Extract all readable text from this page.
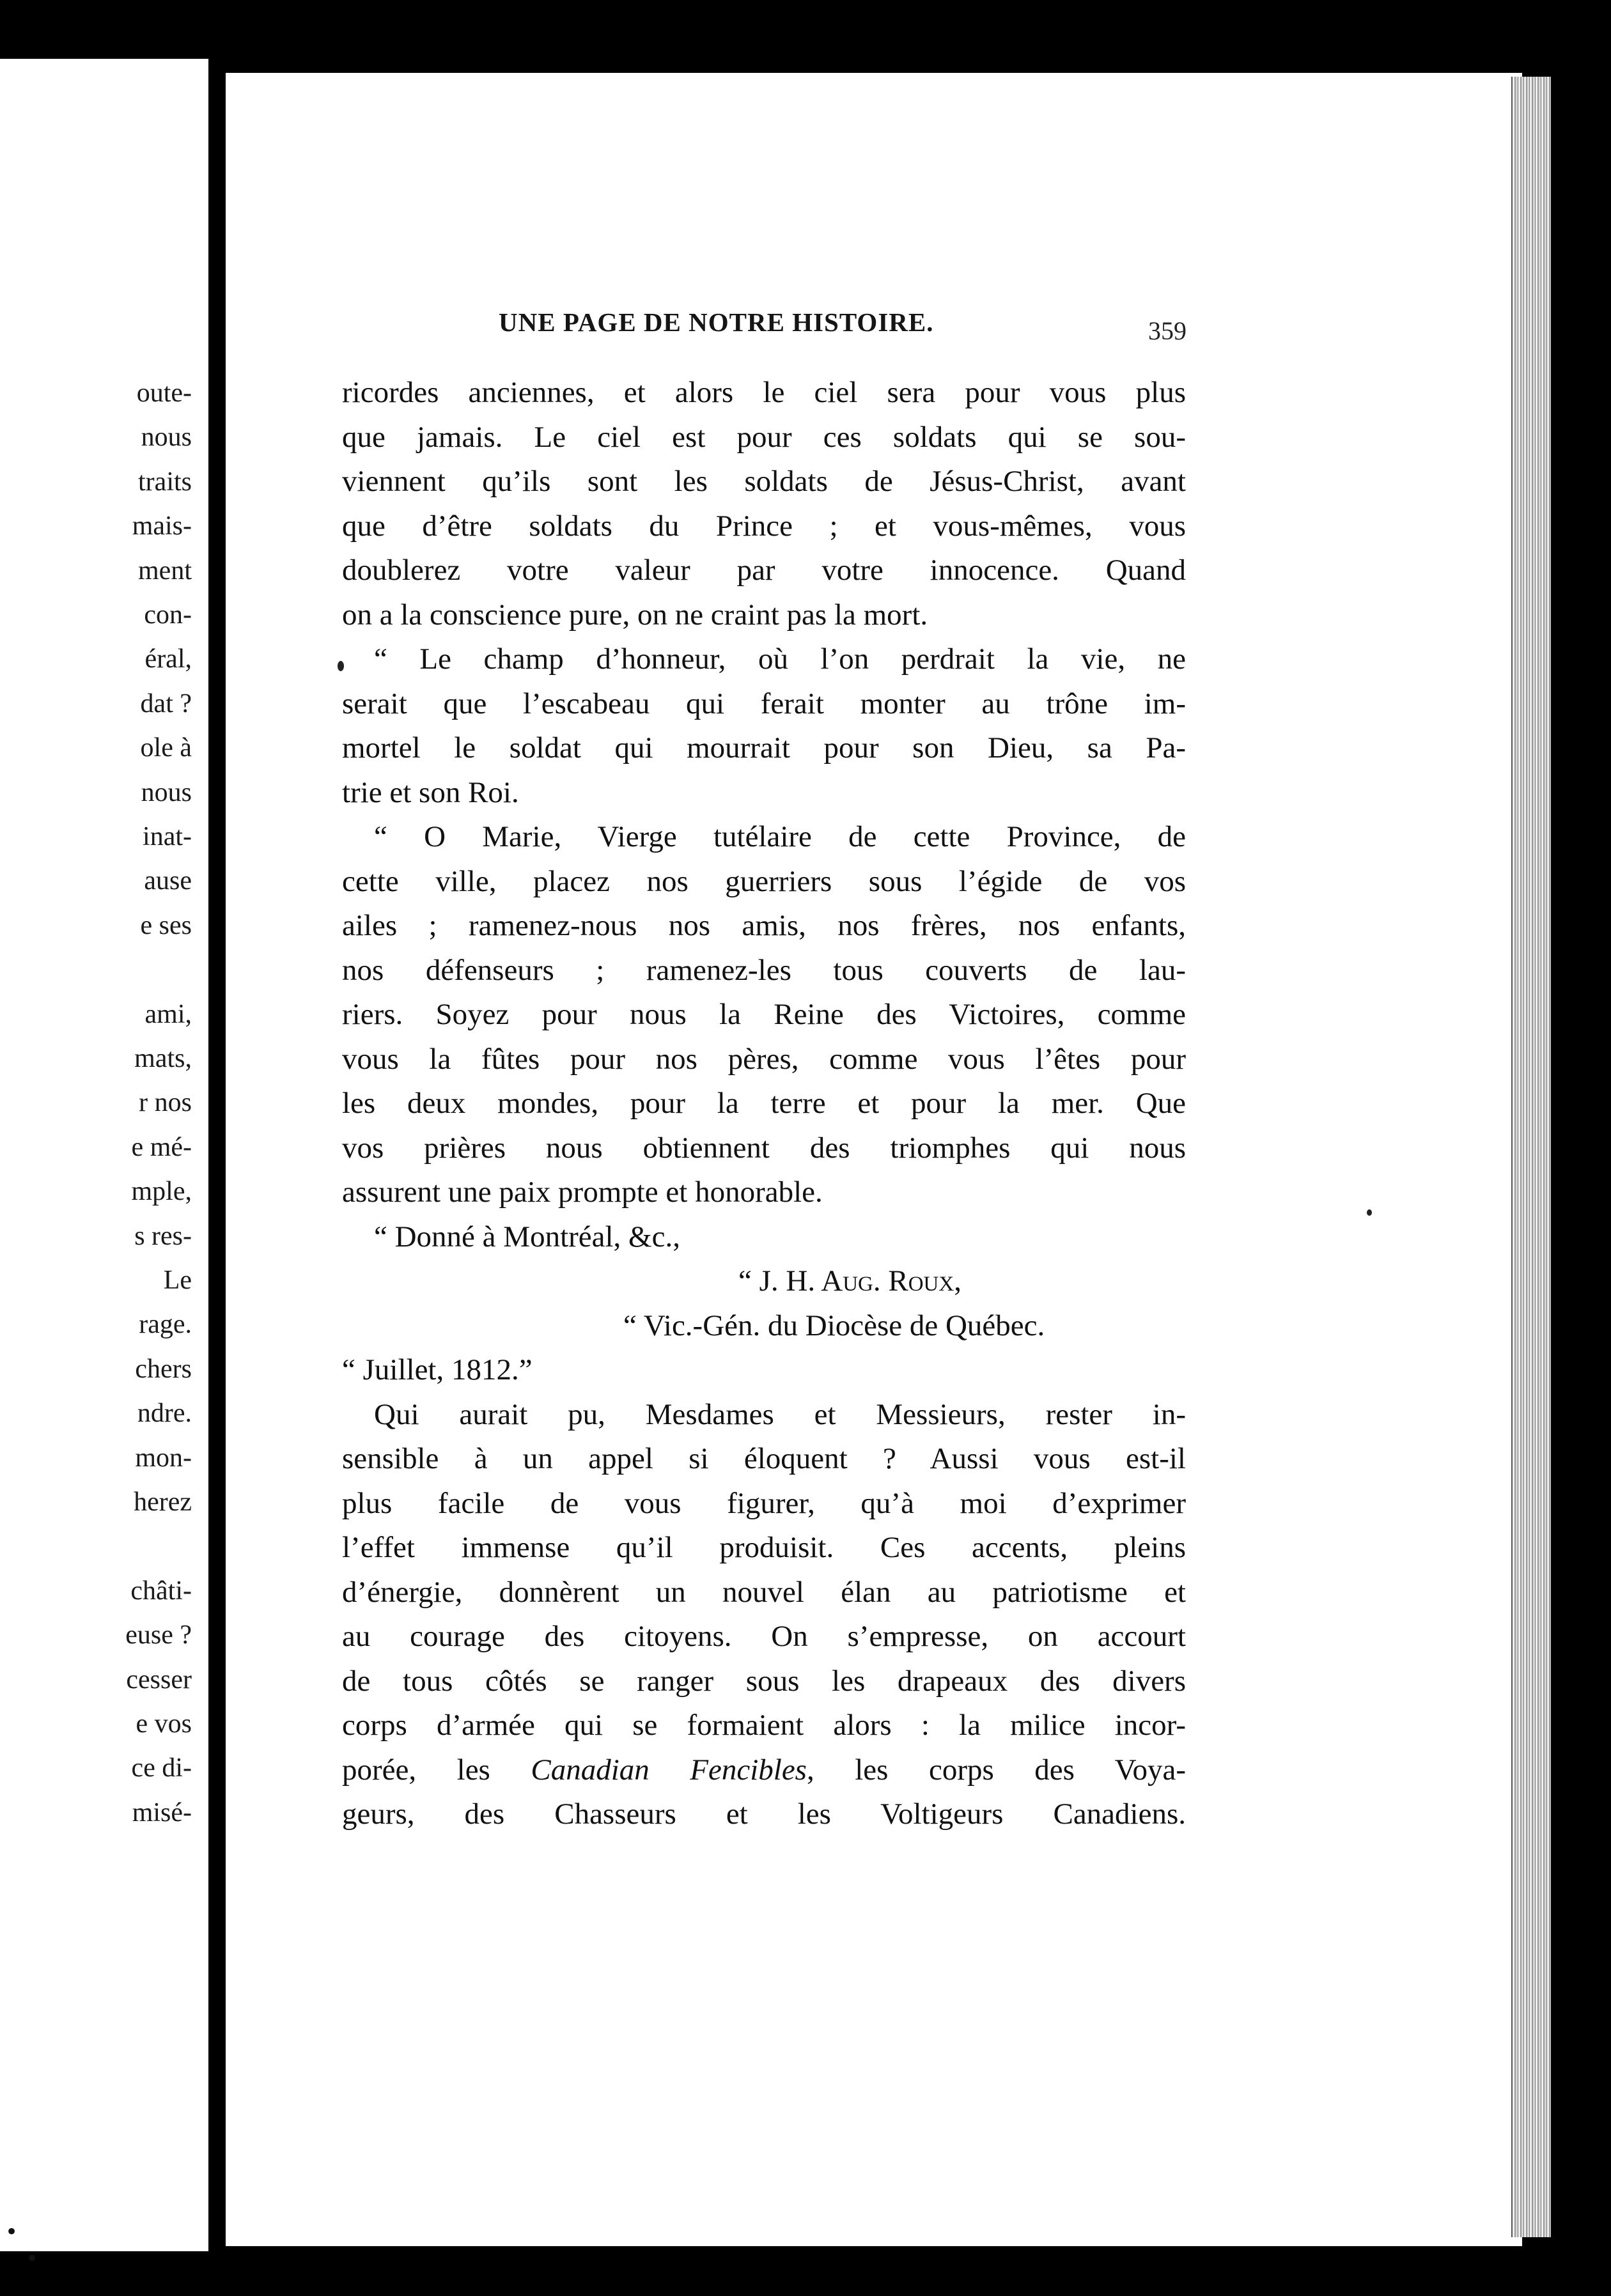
oute-
nous
traits
mais-
ment
con-
éral,
dat ?
ole à
nous
inat-
ause
e ses
ami,
mats,
r nos
e mé-
mple,
s res-
Le
rage.
chers
ndre.
mon-
herez
châti-
euse ?
cesser
e vos
ce di-
misé-
•
•
UNE PAGE DE NOTRE HISTOIRE.	359
ricordes anciennes, et alors le ciel sera pour vous plus
que jamais. Le ciel est pour ces soldats qui se sou-
viennent qu’ils sont les soldats de Jésus-Christ, avant
que d’être soldats du Prince ; et vous-mêmes, vous
doublerez votre valeur par votre innocence. Quand
on a la conscience pure, on ne craint pas la mort.
“ Le champ d’honneur, où l’on perdrait la vie, ne
serait que l’escabeau qui ferait monter au trône im-
mortel le soldat qui mourrait pour son Dieu, sa Pa-
trie et son Roi.
“ O Marie, Vierge tutélaire de cette Province, de
cette ville, placez nos guerriers sous l’égide de vos
ailes ; ramenez-nous nos amis, nos frères, nos enfants,
nos défenseurs ; ramenez-les tous couverts de lau-
riers. Soyez pour nous la Reine des Victoires, comme
vous la fûtes pour nos pères, comme vous l’êtes pour
les deux mondes, pour la terre et pour la mer. Que
vos prières nous obtiennent des triomphes qui nous
assurent une paix prompte et honorable.
“ Donné à Montréal, &c.,
“ J. H. Aug. Roux,
“ Vic.-Gén. du Diocèse de Québec.
“ Juillet, 1812.”
Qui aurait pu, Mesdames et Messieurs, rester in-
sensible à un appel si éloquent ? Aussi vous est-il
plus facile de vous figurer, qu’à moi d’exprimer
l’effet immense qu’il produisit. Ces accents, pleins
d’énergie, donnèrent un nouvel élan au patriotisme et
au courage des citoyens. On s’empresse, on accourt
de tous côtés se ranger sous les drapeaux des divers
corps d’armée qui se formaient alors : la milice incor-
porée, les Canadian Fencibles, les corps des Voya-
geurs, des Chasseurs et les Voltigeurs Canadiens.
